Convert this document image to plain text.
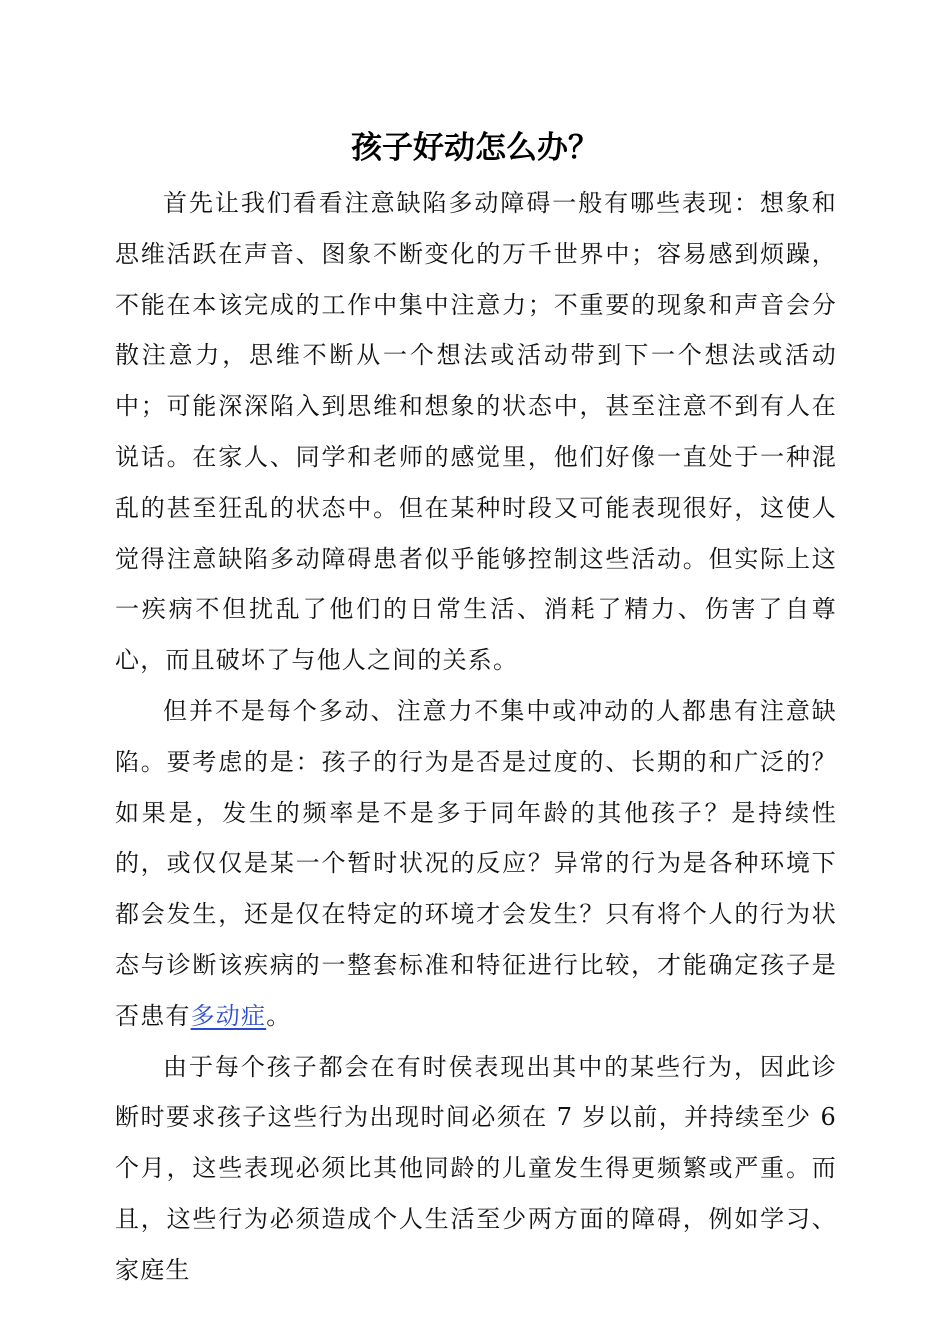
孩子好动怎么办？

首先让我们看看注意缺陷多动障碍一般有哪些表现：想象和思维活跃在声音、图象不断变化的万千世界中；容易感到烦躁，不能在本该完成的工作中集中注意力；不重要的现象和声音会分散注意力，思维不断从一个想法或活动带到下一个想法或活动中；可能深深陷入到思维和想象的状态中，甚至注意不到有人在说话。在家人、同学和老师的感觉里，他们好像一直处于一种混乱的甚至狂乱的状态中。但在某种时段又可能表现很好，这使人觉得注意缺陷多动障碍患者似乎能够控制这些活动。但实际上这一疾病不但扰乱了他们的日常生活、消耗了精力、伤害了自尊心，而且破坏了与他人之间的关系。

但并不是每个多动、注意力不集中或冲动的人都患有注意缺陷。要考虑的是：孩子的行为是否是过度的、长期的和广泛的？如果是，发生的频率是不是多于同年龄的其他孩子？是持续性的，或仅仅是某一个暂时状况的反应？异常的行为是各种环境下都会发生，还是仅在特定的环境才会发生？只有将个人的行为状态与诊断该疾病的一整套标准和特征进行比较，才能确定孩子是否患有多动症。

由于每个孩子都会在有时侯表现出其中的某些行为，因此诊断时要求孩子这些行为出现时间必须在 7 岁以前，并持续至少 6 个月，这些表现必须比其他同龄的儿童发生得更频繁或严重。而且，这些行为必须造成个人生活至少两方面的障碍，例如学习、家庭生
